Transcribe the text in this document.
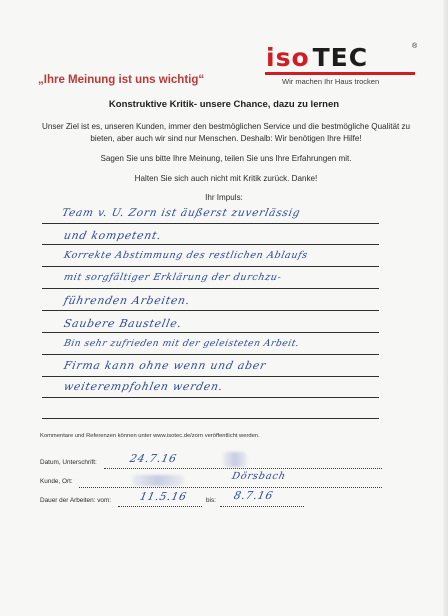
iso TEC	®
Wir machen Ihr Haus trocken
„Ihre Meinung ist uns wichtig“
Konstruktive Kritik- unsere Chance, dazu zu lernen
Unser Ziel ist es, unseren Kunden, immer den bestmöglichen Service und die bestmögliche Qualität zu bieten, aber auch wir sind nur Menschen. Deshalb: Wir benötigen Ihre Hilfe!
Sagen Sie uns bitte Ihre Meinung, teilen Sie uns Ihre Erfahrungen mit.
Halten Sie sich auch nicht mit Kritik zurück. Danke!
Ihr Impuls:
Team v. U. Zorn ist äußerst zuverlässig
und kompetent.
Korrekte Abstimmung des restlichen Ablaufs
mit sorgfältiger Erklärung der durchzu-
führenden Arbeiten.
Saubere Baustelle.
Bin sehr zufrieden mit der geleisteten Arbeit.
Firma kann ohne wenn und aber
weiterempfohlen werden.
Kommentare und Referenzen können unter www.isotec.de/zorn veröffentlicht werden.
Datum, Unterschrift:	24.7.16
Kunde, Ort:	Dörsbach
Dauer der Arbeiten: vom:	11.5.16	bis: 8.7.16
